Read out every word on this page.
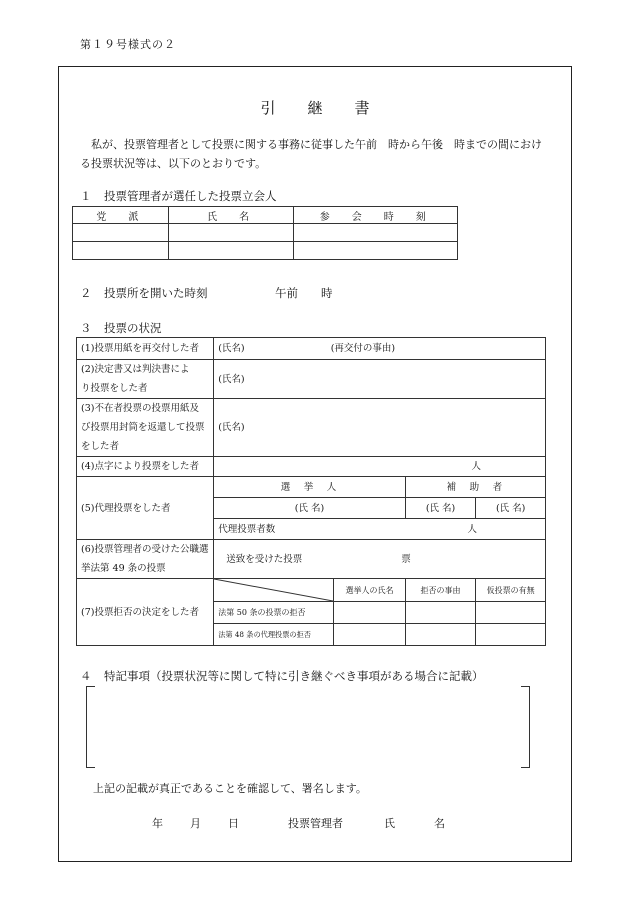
第１９号様式の２
引 継 書
私が、投票管理者として投票に関する事務に従事した午前　時から午後　時までの間における投票状況等は、以下のとおりです。
１ 投票管理者が選任した投票立会人
党　派	氏　名	参　会　時　刻

２ 投票所を開いた時刻	午前　　時
３ 投票の状況
(1)投票用紙を再交付した者	(氏名) (再交付の事由)			
(2)決定書又は判決書により投票をした者	(氏名)			
(3)不在者投票の投票用紙及び投票用封筒を返還して投票をした者	(氏名)			
(4)点字により投票をした者	人			
(5)代理投票をした者	選　挙　人		補　助　者	
	(氏 名)		(氏 名)	(氏 名)
	代理投票者数 人			

(6)投票管理者の受けた公職選挙法第 49 条の投票	送致を受けた投票 票			
(7)投票拒否の決定をした者		選挙人の氏名	拒否の事由	仮投票の有無
	法第 50 条の投票の拒否			
	法第 48 条の代理投票の拒否			
４ 特記事項（投票状況等に関して特に引き継ぐべき事項がある場合に記載）
上記の記載が真正であることを確認して、署名します。
年 月 日	投票管理者	氏	名
